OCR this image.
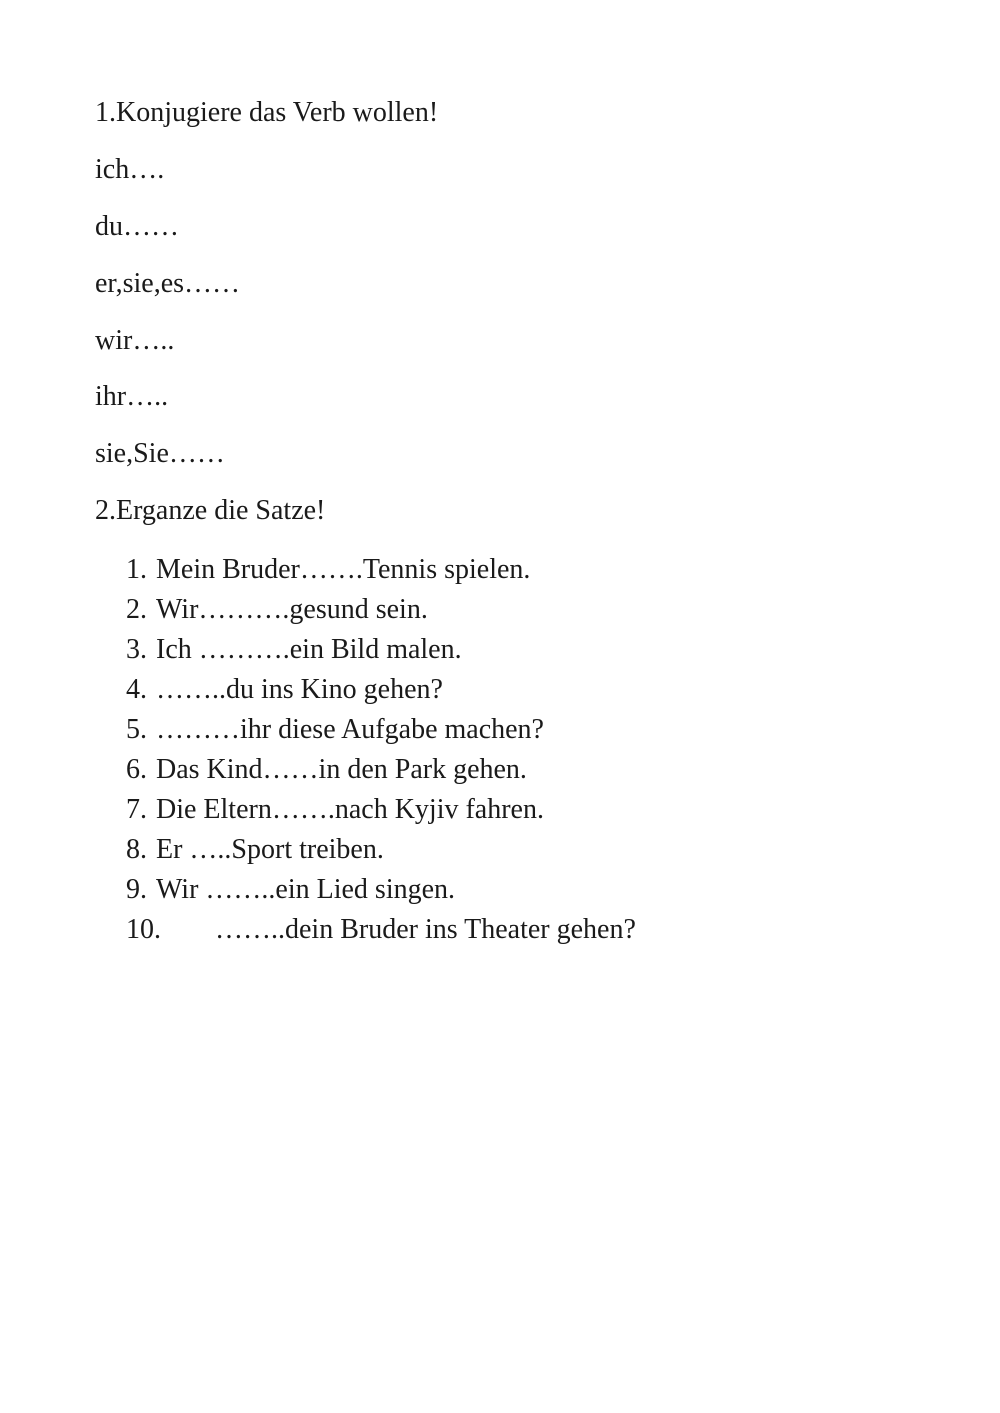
1.Konjugiere das Verb wollen!
ich….
du……
er,sie,es……
wir…..
ihr…..
sie,Sie……
2.Erganze die Satze!
1. Mein Bruder…….Tennis spielen.
2. Wir……….gesund sein.
3. Ich ……….ein Bild malen.
4. ……..du ins Kino gehen?
5. ………ihr diese Aufgabe machen?
6. Das Kind……in den Park gehen.
7. Die Eltern…….nach Kyjiv fahren.
8. Er …..Sport treiben.
9. Wir ……..ein Lied singen.
10.	……..dein Bruder ins Theater gehen?
